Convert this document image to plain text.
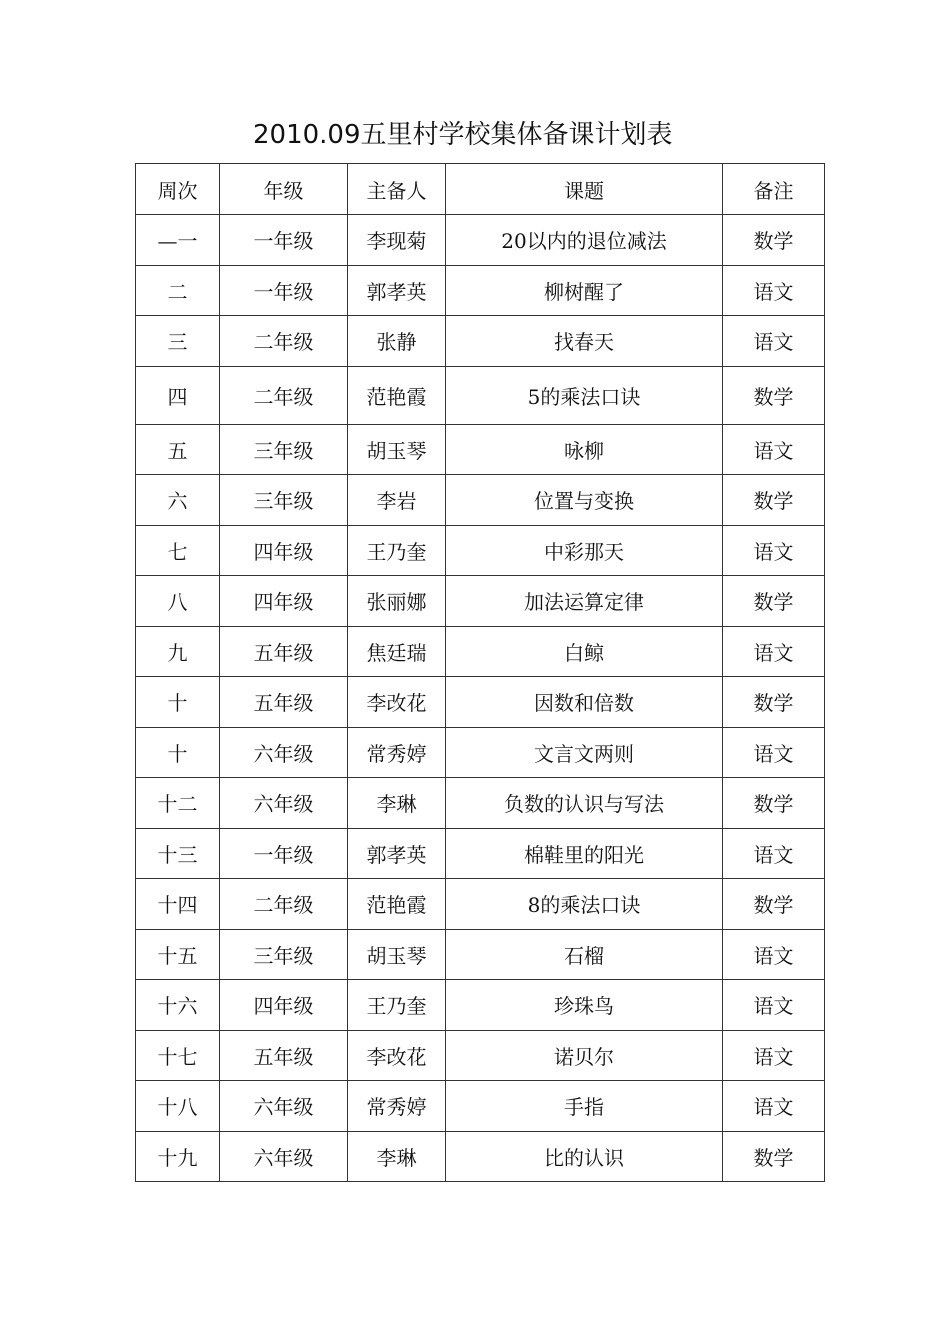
2010.09五里村学校集体备课计划表
周次	年级	主备人	课题	备注
—一	一年级	李现菊	20以内的退位减法	数学
二	一年级	郭孝英	柳树醒了	语文
三	二年级	张静	找春天	语文
四	二年级	范艳霞	5的乘法口诀	数学
五	三年级	胡玉琴	咏柳	语文
六	三年级	李岩	位置与变换	数学
七	四年级	王乃奎	中彩那天	语文
八	四年级	张丽娜	加法运算定律	数学
九	五年级	焦廷瑞	白鲸	语文
十	五年级	李改花	因数和倍数	数学
十	六年级	常秀婷	文言文两则	语文
十二	六年级	李琳	负数的认识与写法	数学
十三	一年级	郭孝英	棉鞋里的阳光	语文
十四	二年级	范艳霞	8的乘法口诀	数学
十五	三年级	胡玉琴	石榴	语文
十六	四年级	王乃奎	珍珠鸟	语文
十七	五年级	李改花	诺贝尔	语文
十八	六年级	常秀婷	手指	语文
十九	六年级	李琳	比的认识	数学
